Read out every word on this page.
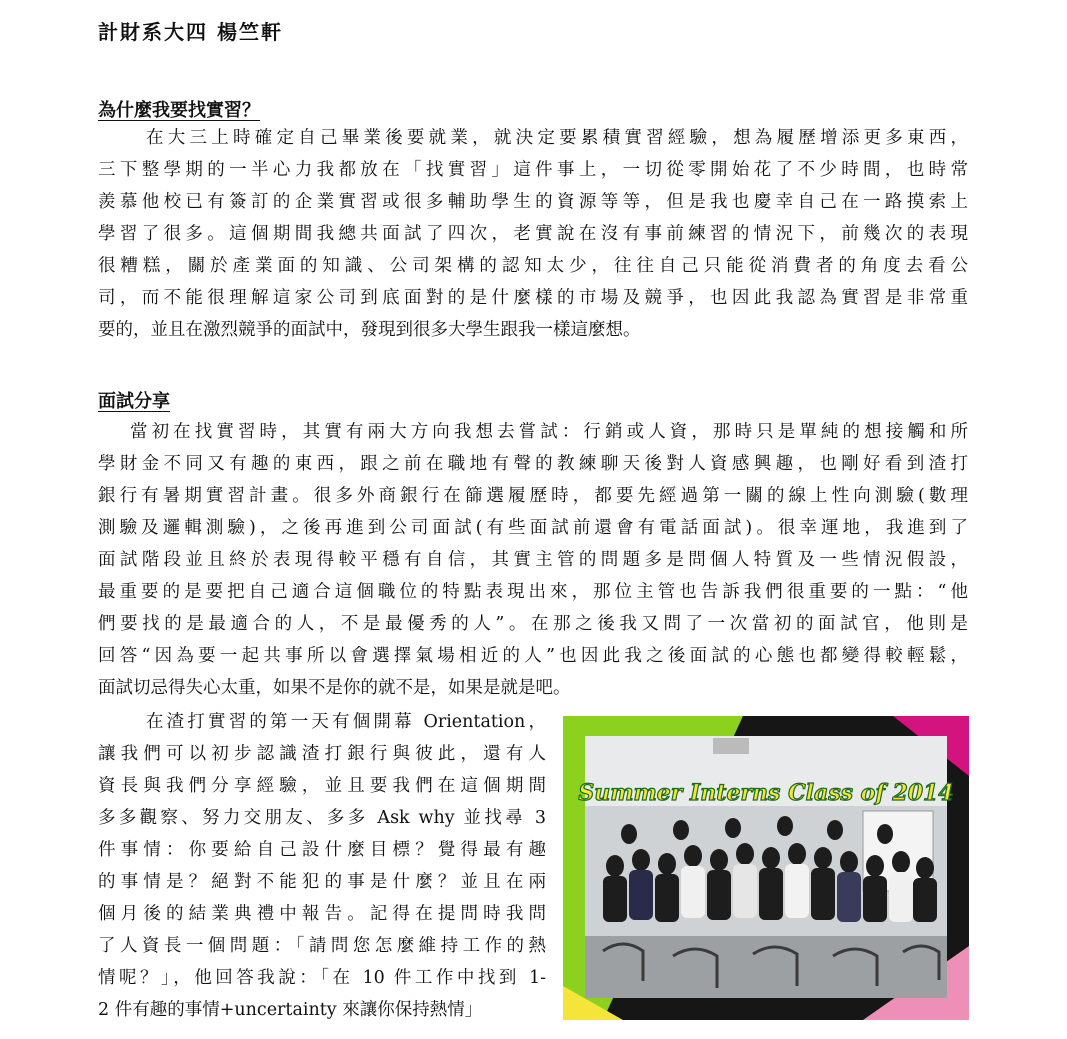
計財系大四 楊竺軒
為什麼我要找實習？
在大三上時確定自己畢業後要就業，就決定要累積實習經驗，想為履歷增添更多東西，
三下整學期的一半心力我都放在「找實習」這件事上，一切從零開始花了不少時間，也時常
羨慕他校已有簽訂的企業實習或很多輔助學生的資源等等，但是我也慶幸自己在一路摸索上
學習了很多。這個期間我總共面試了四次，老實說在沒有事前練習的情況下，前幾次的表現
很糟糕，關於產業面的知識、公司架構的認知太少，往往自己只能從消費者的角度去看公
司，而不能很理解這家公司到底面對的是什麼樣的市場及競爭，也因此我認為實習是非常重
要的，並且在激烈競爭的面試中，發現到很多大學生跟我一樣這麼想。
面試分享
當初在找實習時，其實有兩大方向我想去嘗試：行銷或人資，那時只是單純的想接觸和所
學財金不同又有趣的東西，跟之前在職地有聲的教練聊天後對人資感興趣，也剛好看到渣打
銀行有暑期實習計畫。很多外商銀行在篩選履歷時，都要先經過第一關的線上性向測驗(數理
測驗及邏輯測驗)，之後再進到公司面試(有些面試前還會有電話面試)。很幸運地，我進到了
面試階段並且終於表現得較平穩有自信，其實主管的問題多是問個人特質及一些情況假設，
最重要的是要把自己適合這個職位的特點表現出來，那位主管也告訴我們很重要的一點：“他
們要找的是最適合的人，不是最優秀的人”。在那之後我又問了一次當初的面試官，他則是
回答“因為要一起共事所以會選擇氣場相近的人”也因此我之後面試的心態也都變得較輕鬆，
面試切忌得失心太重，如果不是你的就不是，如果是就是吧。
在渣打實習的第一天有個開幕 Orientation，
讓我們可以初步認識渣打銀行與彼此，還有人
資長與我們分享經驗，並且要我們在這個期間
多多觀察、努力交朋友、多多 Ask why 並找尋 3
件事情：你要給自己設什麼目標？覺得最有趣
的事情是？絕對不能犯的事是什麼？並且在兩
個月後的結業典禮中報告。記得在提問時我問
了人資長一個問題：「請問您怎麼維持工作的熱
情呢？」，他回答我說：「在 10 件工作中找到 1-
2 件有趣的事情+uncertainty 來讓你保持熱情」
Summer Interns Class of 2014
